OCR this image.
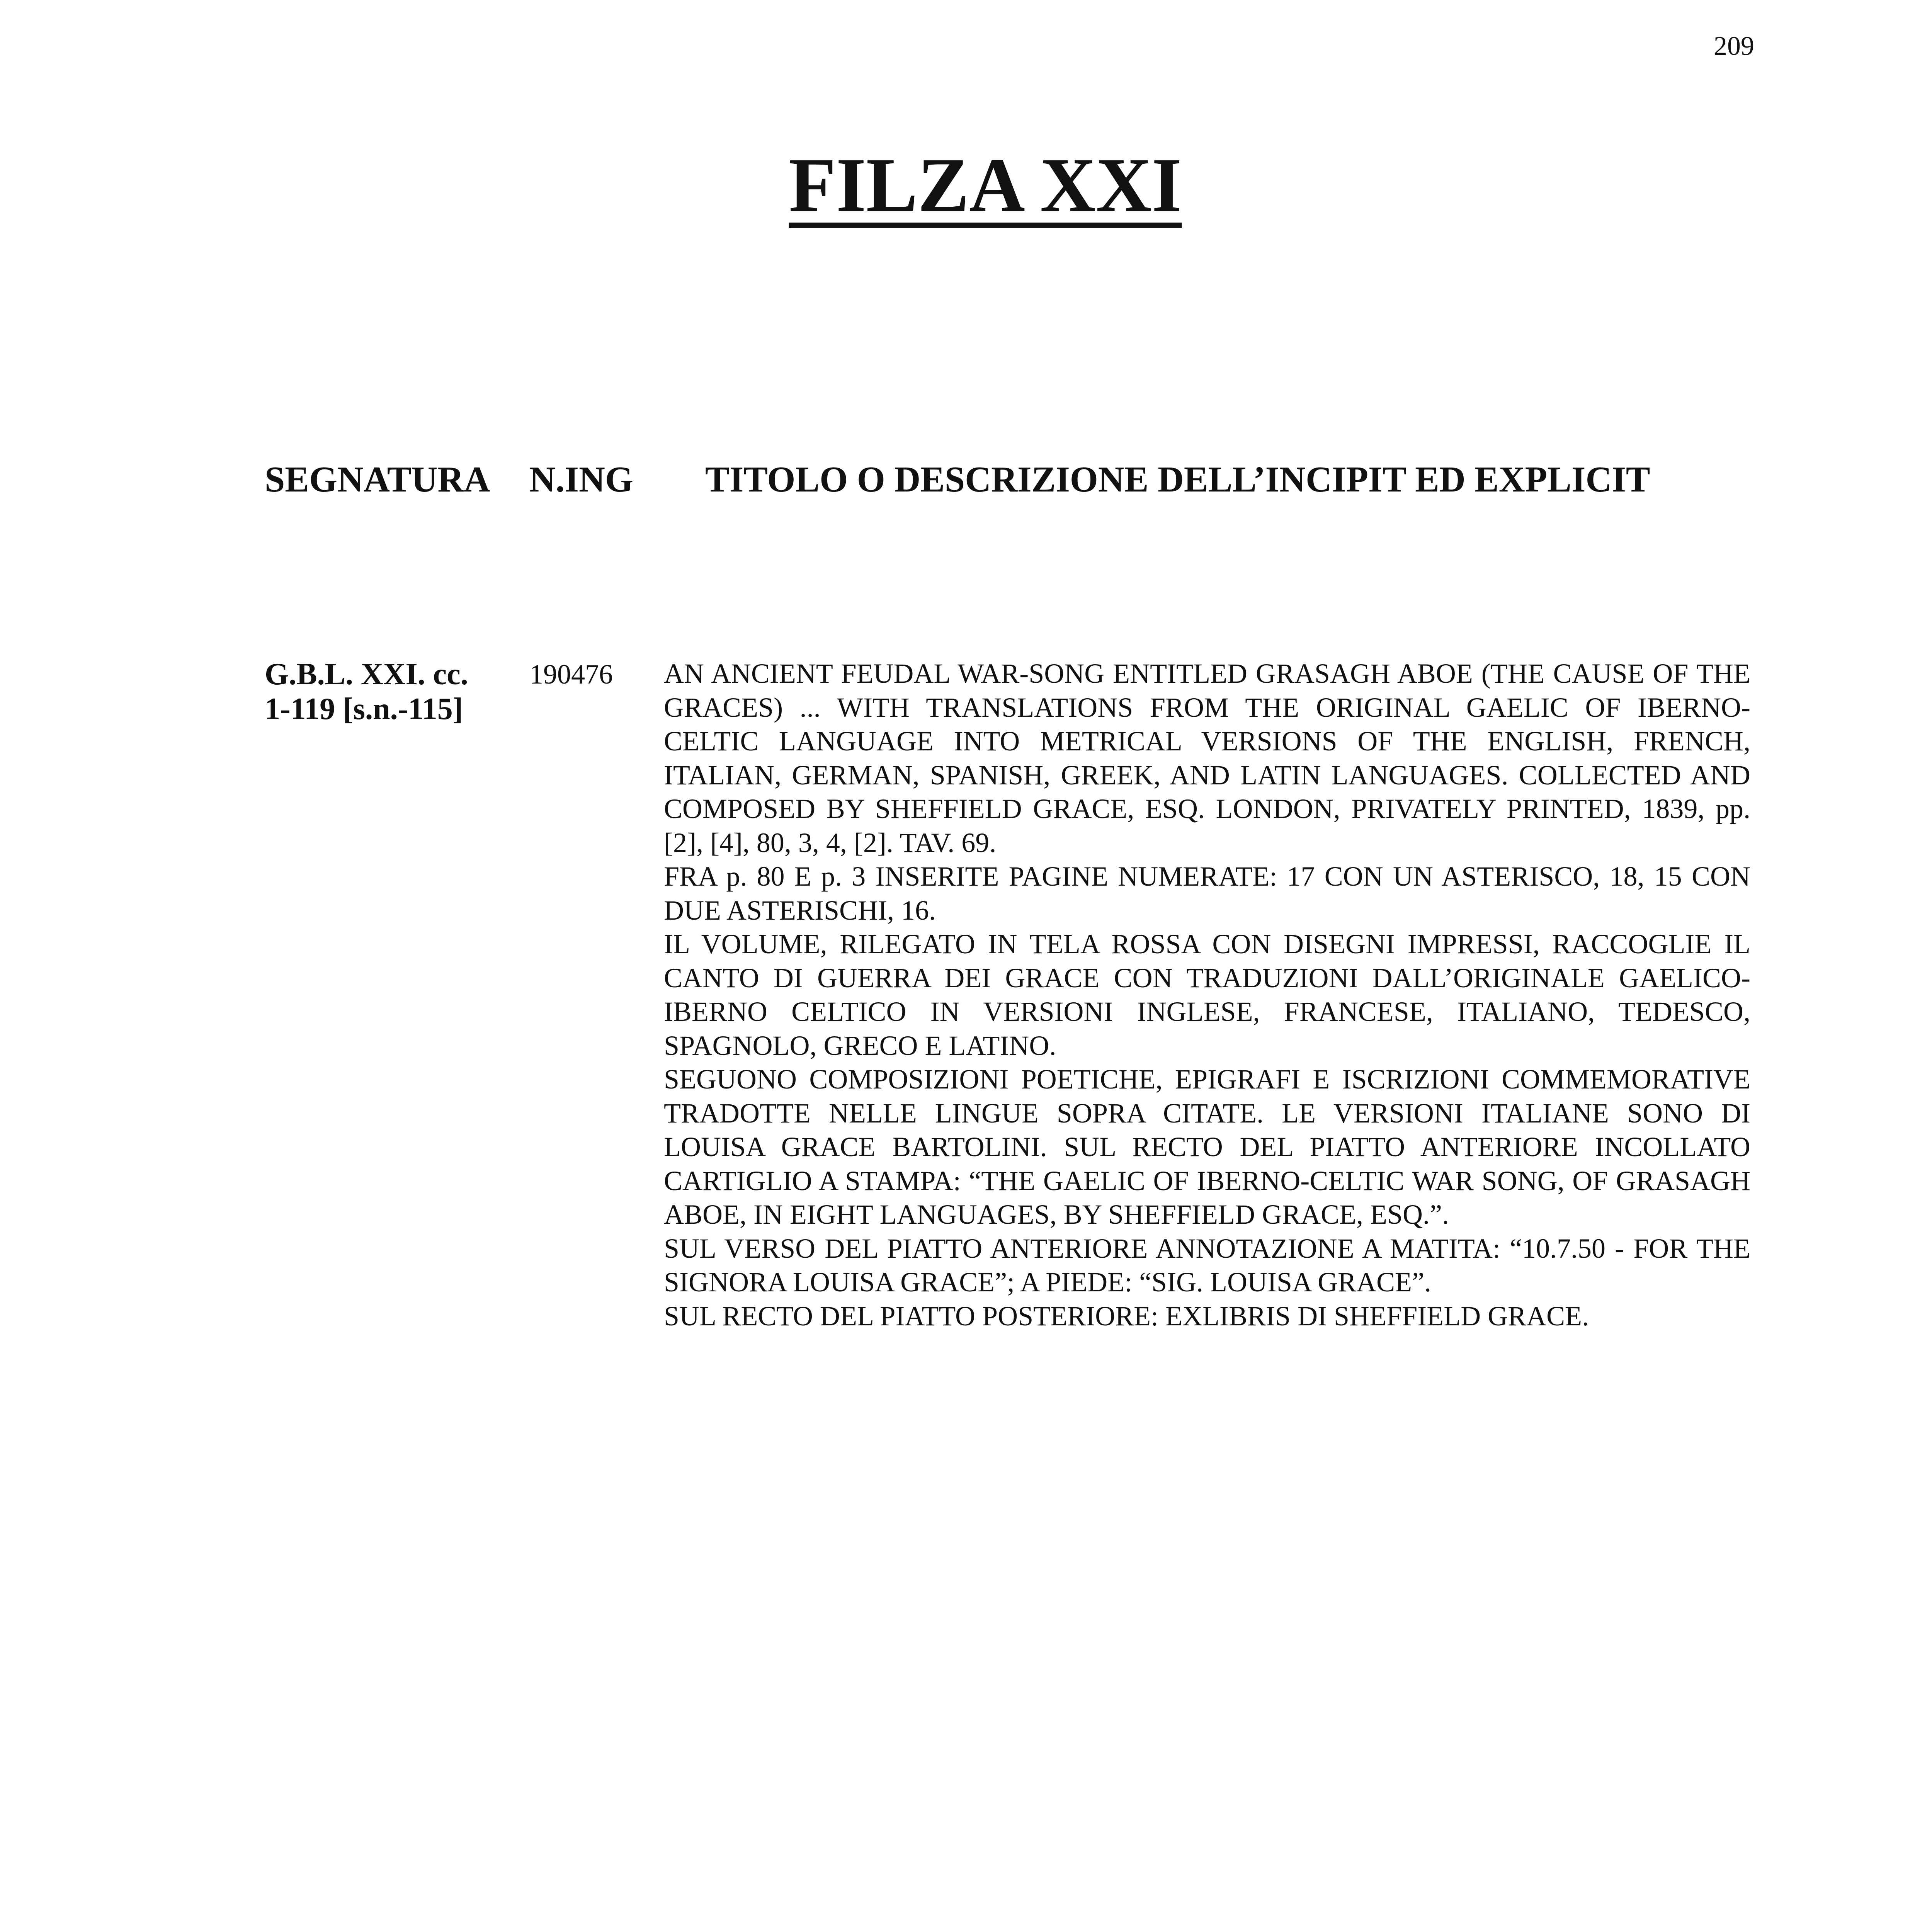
209
FILZA XXI
SEGNATURA N.ING TITOLO O DESCRIZIONE DELL’INCIPIT ED EXPLICIT
G.B.L. XXI. cc.
1-119 [s.n.-115]
190476 AN ANCIENT FEUDAL WAR-SONG ENTITLED GRASAGH ABOE (THE CAUSE OF THE GRACES) ... WITH TRANSLATIONS FROM THE ORIGINAL GAELIC OF IBERNO-CELTIC LANGUAGE INTO METRICAL VERSIONS OF THE ENGLISH, FRENCH, ITALIAN, GERMAN, SPANISH, GREEK, AND LATIN LANGUAGES. COLLECTED AND COMPOSED BY SHEFFIELD GRACE, ESQ. LONDON, PRIVATELY PRINTED, 1839, pp. [2], [4], 80, 3, 4, [2]. TAV. 69.

FRA p. 80 E p. 3 INSERITE PAGINE NUMERATE: 17 CON UN ASTERISCO, 18, 15 CON DUE ASTERISCHI, 16.

IL VOLUME, RILEGATO IN TELA ROSSA CON DISEGNI IMPRESSI, RACCOGLIE IL CANTO DI GUERRA DEI GRACE CON TRADUZIONI DALL’ORIGINALE GAELICO-IBERNO CELTICO IN VERSIONI INGLESE, FRANCESE, ITALIANO, TEDESCO, SPAGNOLO, GRECO E LATINO.

SEGUONO COMPOSIZIONI POETICHE, EPIGRAFI E ISCRIZIONI COMMEMORATIVE TRADOTTE NELLE LINGUE SOPRA CITATE. LE VERSIONI ITALIANE SONO DI LOUISA GRACE BARTOLINI. SUL RECTO DEL PIATTO ANTERIORE INCOLLATO CARTIGLIO A STAMPA: “THE GAELIC OF IBERNO-CELTIC WAR SONG, OF GRASAGH ABOE, IN EIGHT LANGUAGES, BY SHEFFIELD GRACE, ESQ.”.

SUL VERSO DEL PIATTO ANTERIORE ANNOTAZIONE A MATITA: “10.7.50 - FOR THE SIGNORA LOUISA GRACE”; A PIEDE: “SIG. LOUISA GRACE”.

SUL RECTO DEL PIATTO POSTERIORE: EXLIBRIS DI SHEFFIELD GRACE.
